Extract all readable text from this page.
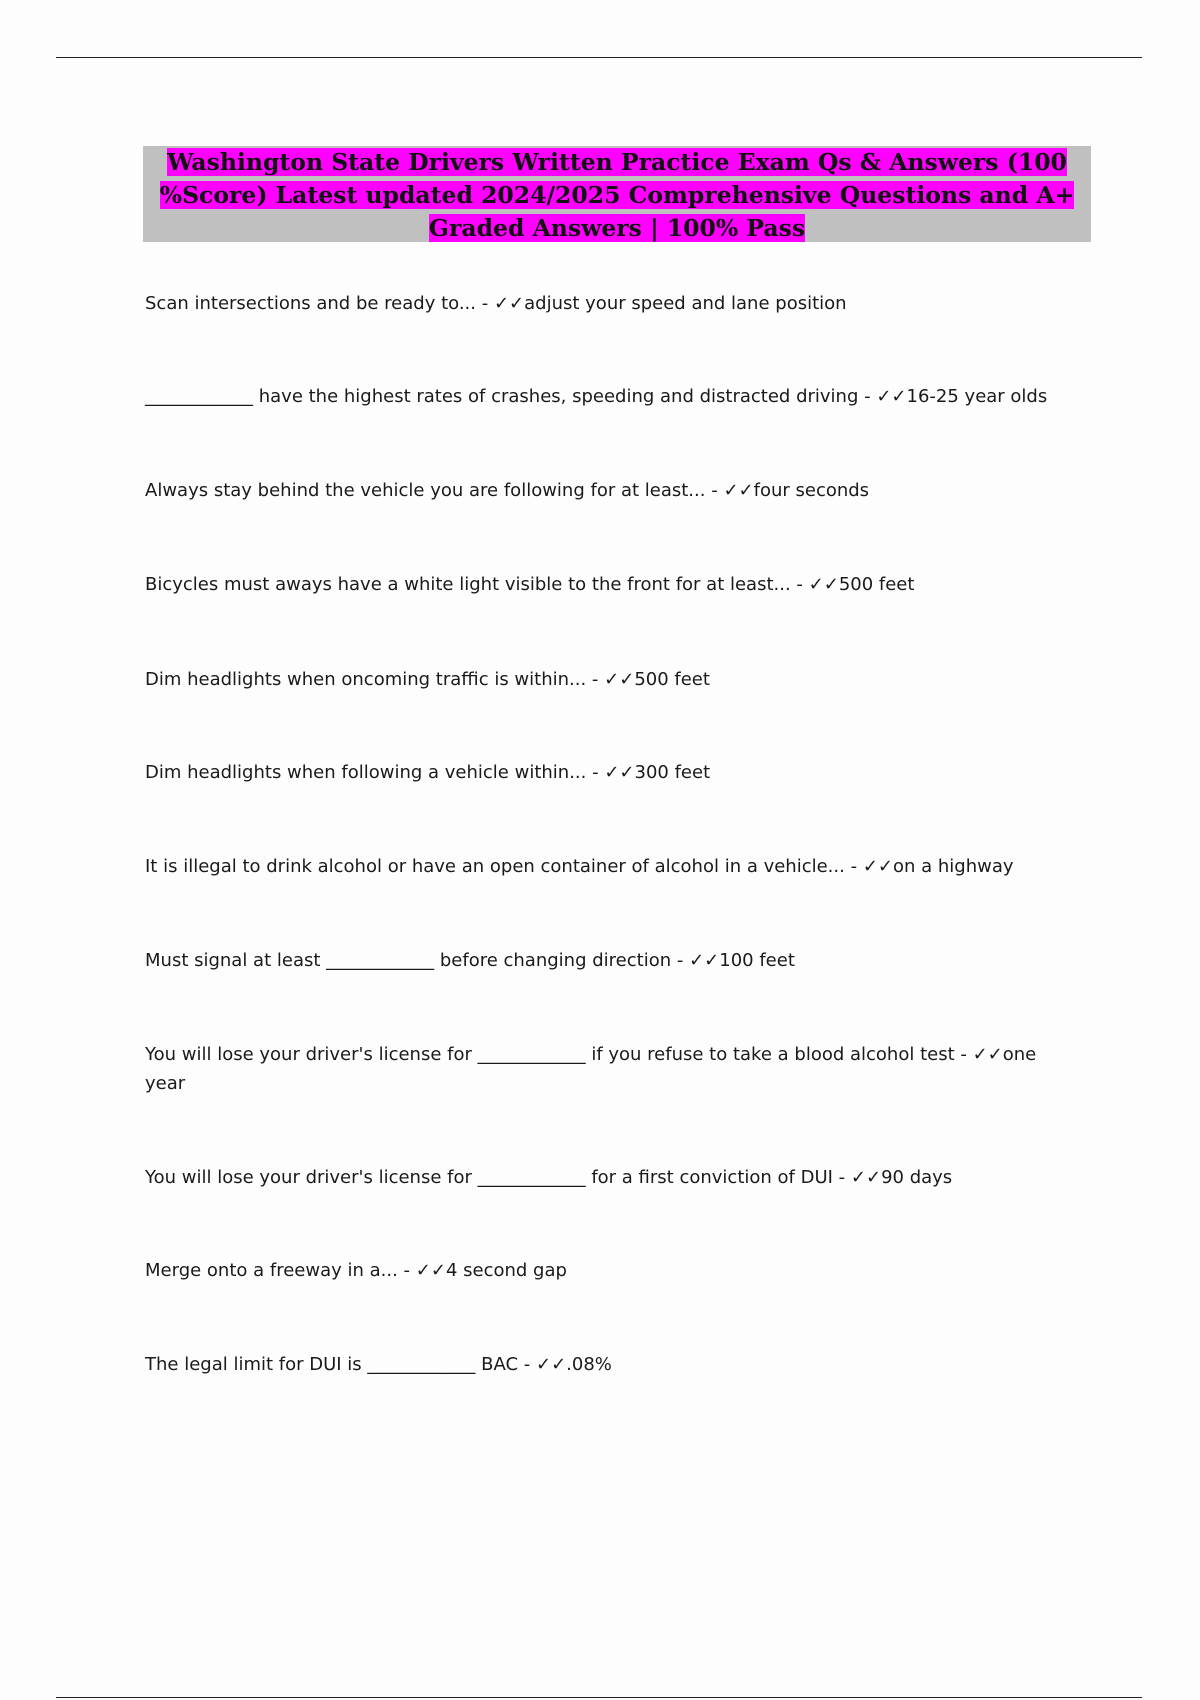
Washington State Drivers Written Practice Exam Qs & Answers (100 %Score) Latest updated 2024/2025 Comprehensive Questions and A+ Graded Answers | 100% Pass
Scan intersections and be ready to... - ✓✓adjust your speed and lane position
____________ have the highest rates of crashes, speeding and distracted driving - ✓✓16-25 year olds
Always stay behind the vehicle you are following for at least... - ✓✓four seconds
Bicycles must aways have a white light visible to the front for at least... - ✓✓500 feet
Dim headlights when oncoming traffic is within... - ✓✓500 feet
Dim headlights when following a vehicle within... - ✓✓300 feet
It is illegal to drink alcohol or have an open container of alcohol in a vehicle... - ✓✓on a highway
Must signal at least ____________ before changing direction - ✓✓100 feet
You will lose your driver's license for ____________ if you refuse to take a blood alcohol test - ✓✓one year
You will lose your driver's license for ____________ for a first conviction of DUI - ✓✓90 days
Merge onto a freeway in a... - ✓✓4 second gap
The legal limit for DUI is ____________ BAC - ✓✓.08%
